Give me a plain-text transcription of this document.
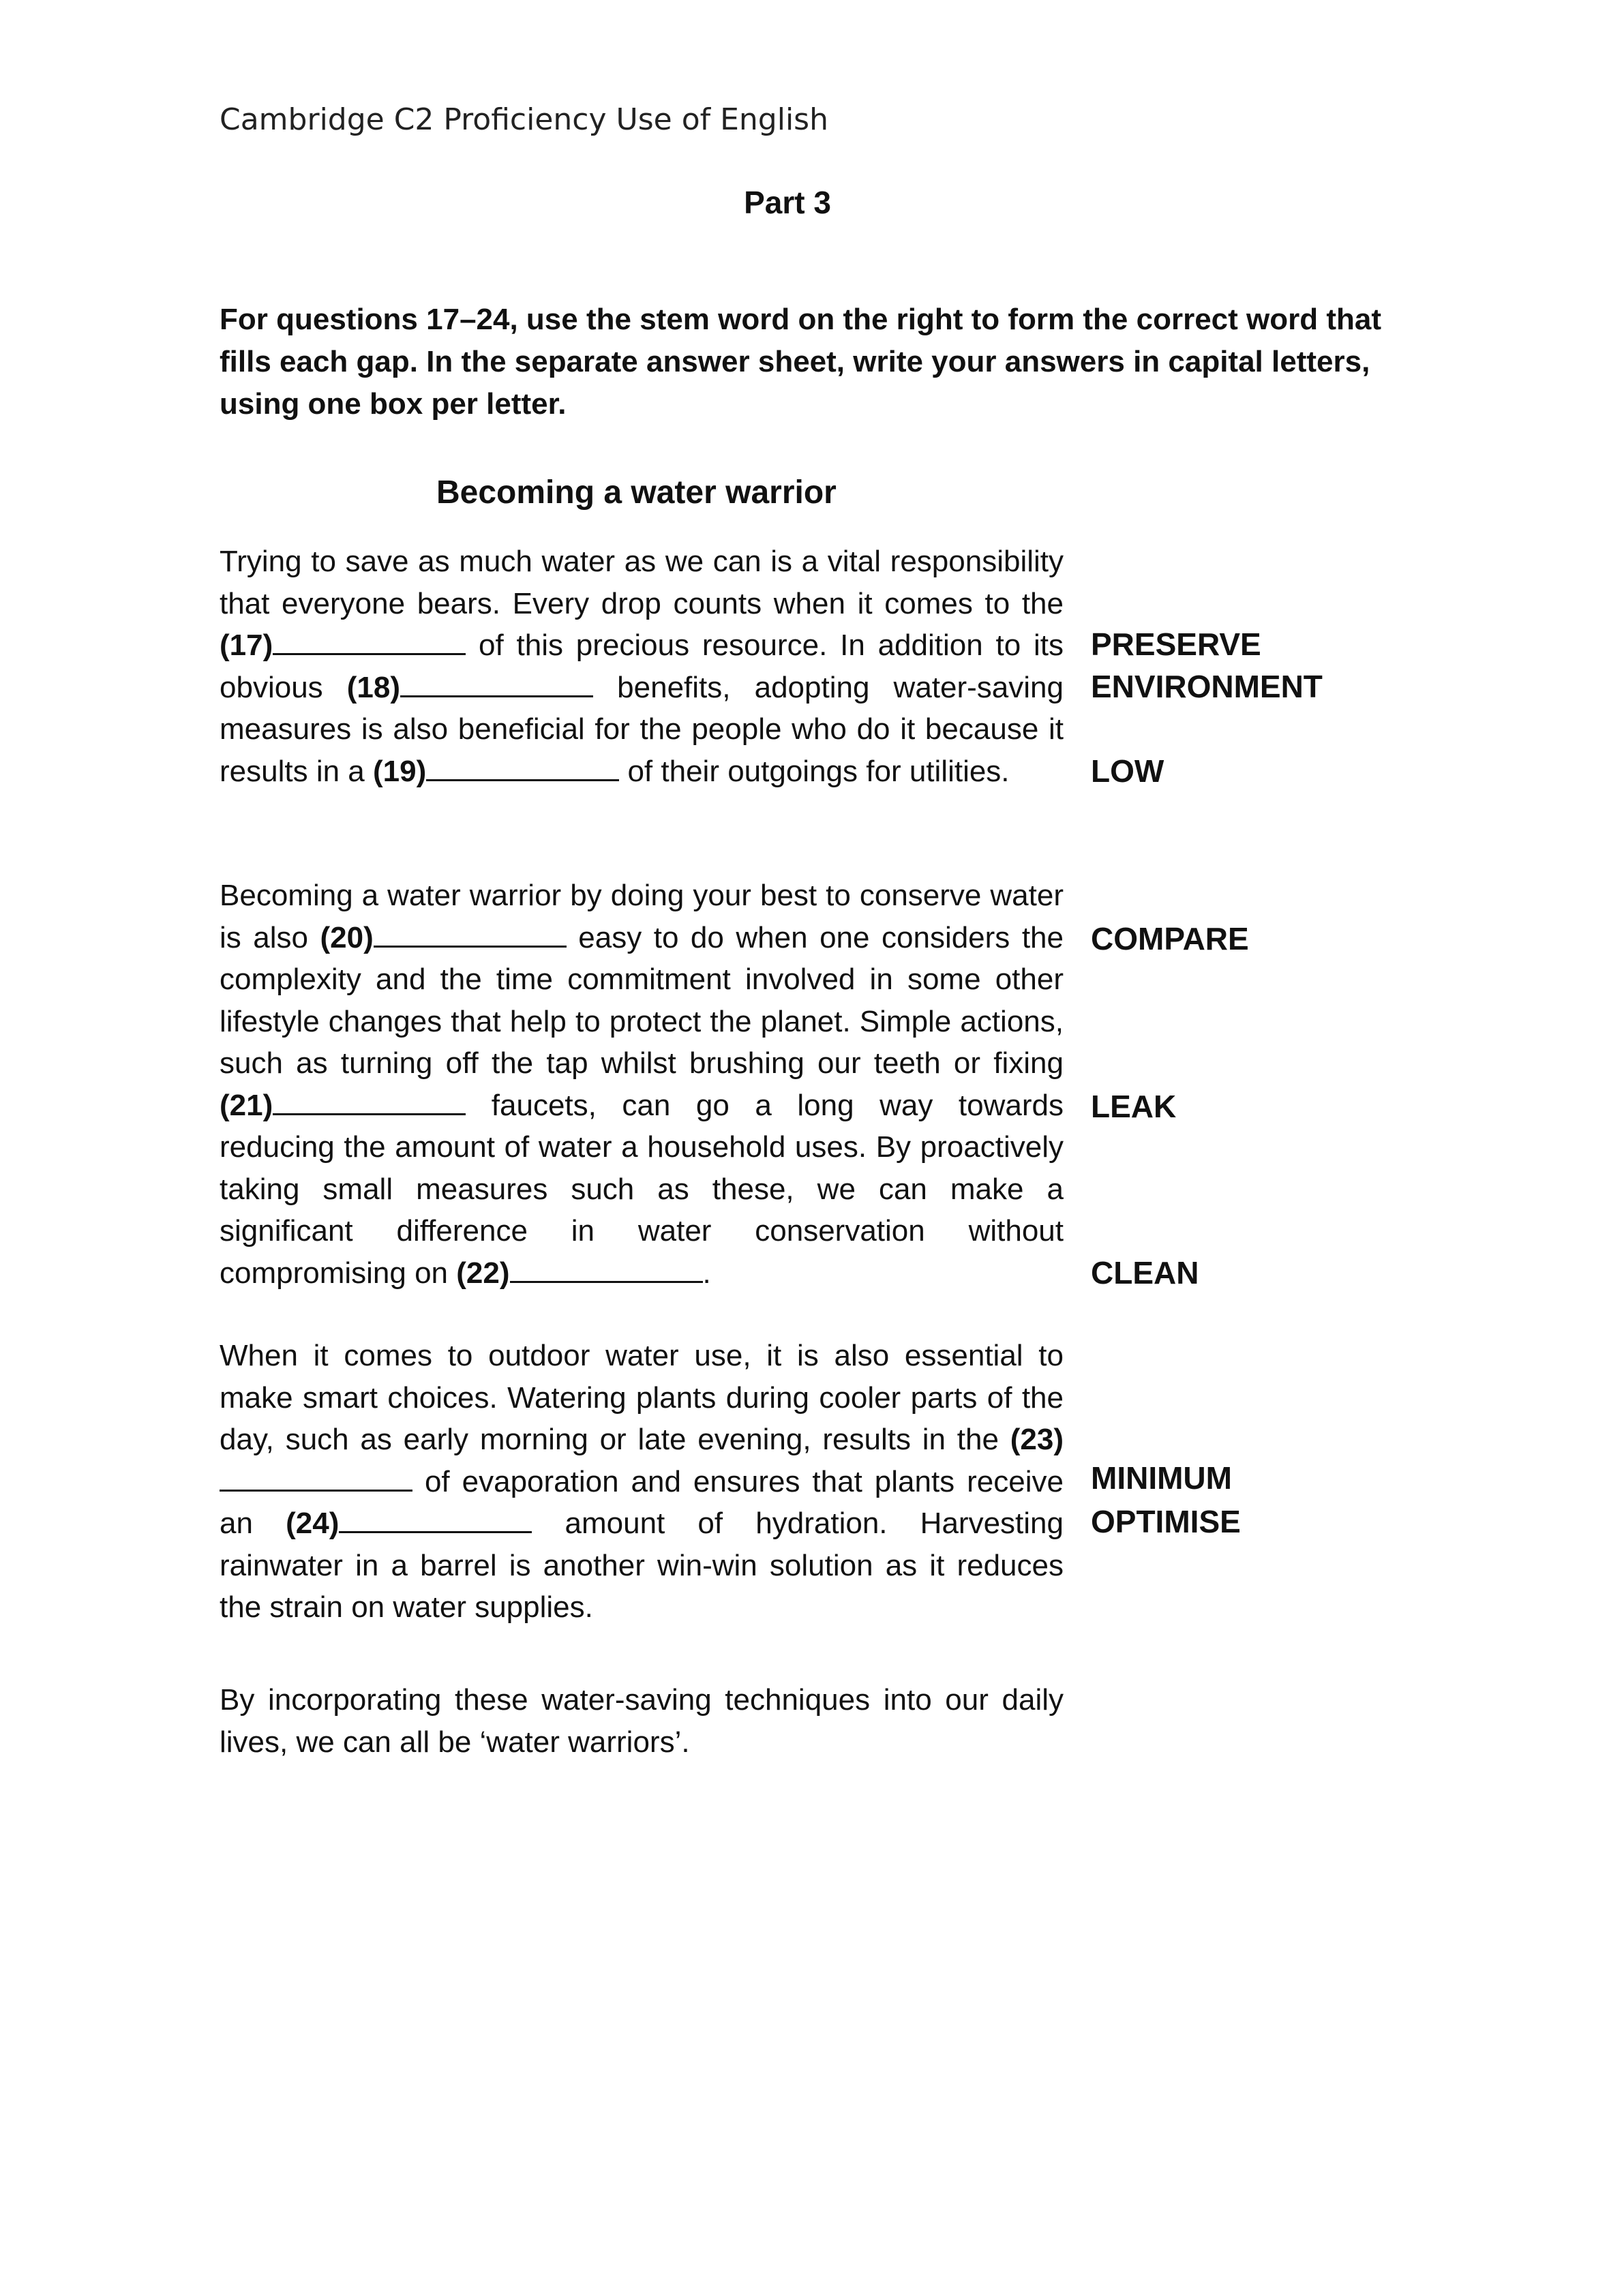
Cambridge C2 Proficiency Use of English
Part 3
For questions 17–24, use the stem word on the right to form the correct word that fills each gap. In the separate answer sheet, write your answers in capital letters, using one box per letter.
Becoming a water warrior

Trying to save as much water as we can is a vital responsibility that everyone bears. Every drop counts when it comes to the (17)	of this precious resource. In addition to its obvious (18)	benefits, adopting water-saving measures is also beneficial for the people who do it because it results in a (19)	of their outgoings for utilities.

Becoming a water warrior by doing your best to conserve water is also (20)	easy to do when one considers the complexity and the time commitment involved in some other lifestyle changes that help to protect the planet. Simple actions, such as turning off the tap whilst brushing our teeth or fixing (21)	faucets, can go a long way towards reducing the amount of water a household uses. By proactively taking small measures such as these, we can make a significant difference in water conservation without compromising on (22)	.

When it comes to outdoor water use, it is also essential to make smart choices. Watering plants during cooler parts of the day, such as early morning or late evening, results in the (23) of evaporation and ensures that plants receive an (24)	amount of hydration. Harvesting rainwater in a barrel is another win-win solution as it reduces the strain on water supplies.

By incorporating these water-saving techniques into our daily lives, we can all be ‘water warriors’.
PRESERVE
ENVIRONMENT
LOW
COMPARE
LEAK
CLEAN
MINIMUM
OPTIMISE
